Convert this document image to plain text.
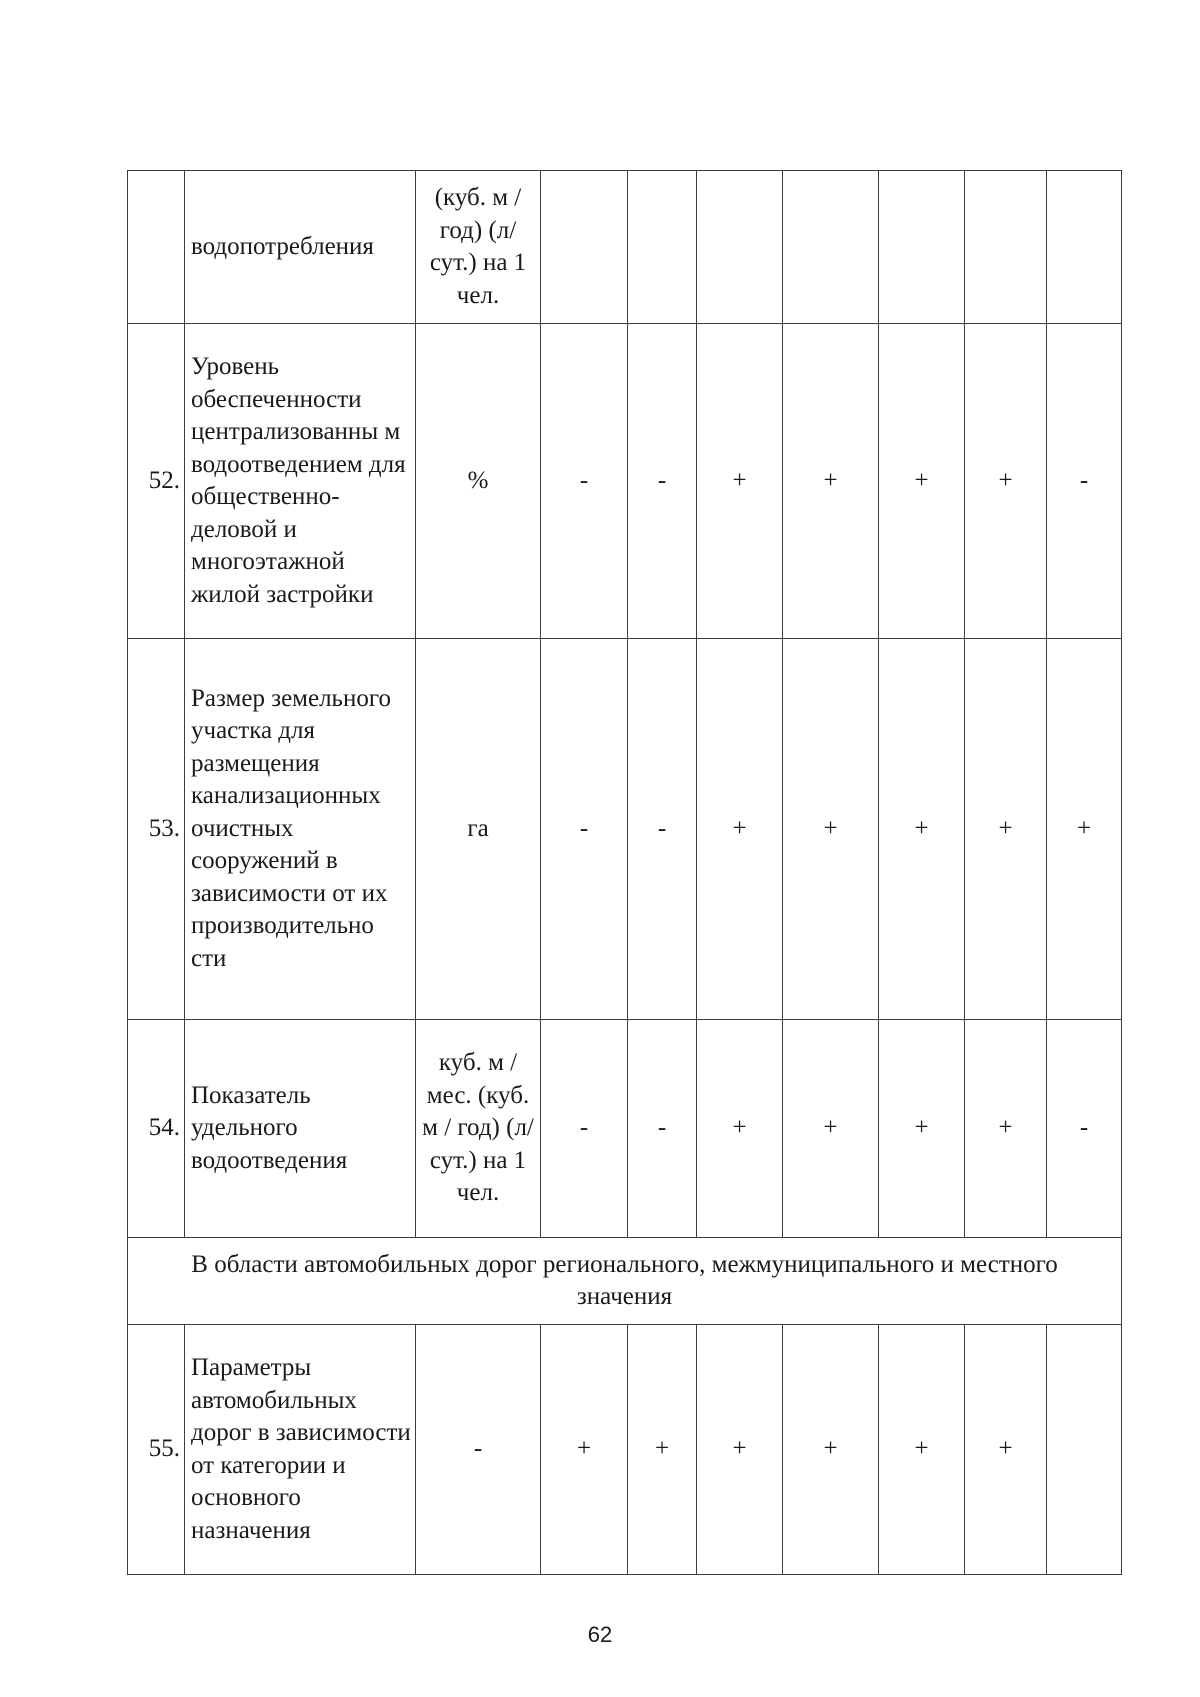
	водопотребления	(куб. м / год) (л/сут.) на 1 чел.							
52.	Уровень обеспеченности централизованны м водоотведением для общественно-деловой и многоэтажной жилой застройки	%	-	-	+	+	+	+	-
53.	Размер земельного участка для размещения канализационных очистных сооружений в зависимости от их производительно сти	га	-	-	+	+	+	+	+
54.	Показатель удельного водоотведения	куб. м / мес. (куб. м / год) (л/сут.) на 1 чел.	-	-	+	+	+	+	-
В области автомобильных дорог регионального, межмуниципального и местного значения									
55.	Параметры автомобильных дорог в зависимости от категории и основного назначения	-	+	+	+	+	+	+	
62
